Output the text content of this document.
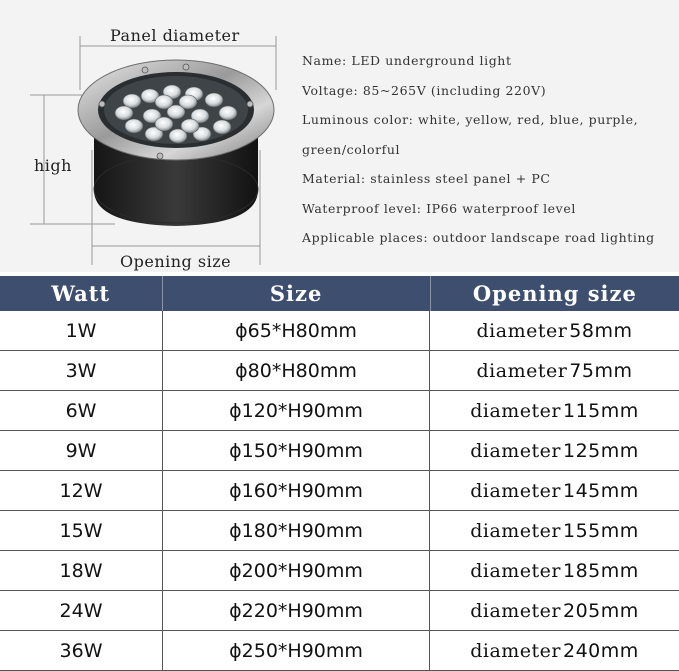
Panel diameter
high
Opening size
Name: LED underground light
Voltage: 85~265V (including 220V)
Luminous color: white, yellow, red, blue, purple,
green/colorful
Material: stainless steel panel + PC
Waterproof level: IP66 waterproof level
Applicable places: outdoor landscape road lighting
Watt	Size	Opening size
1W	ϕ65*H80mm	diameter 58mm
3W	ϕ80*H80mm	diameter 75mm
6W	ϕ120*H90mm	diameter 115mm
9W	ϕ150*H90mm	diameter 125mm
12W	ϕ160*H90mm	diameter 145mm
15W	ϕ180*H90mm	diameter 155mm
18W	ϕ200*H90mm	diameter 185mm
24W	ϕ220*H90mm	diameter 205mm
36W	ϕ250*H90mm	diameter 240mm
